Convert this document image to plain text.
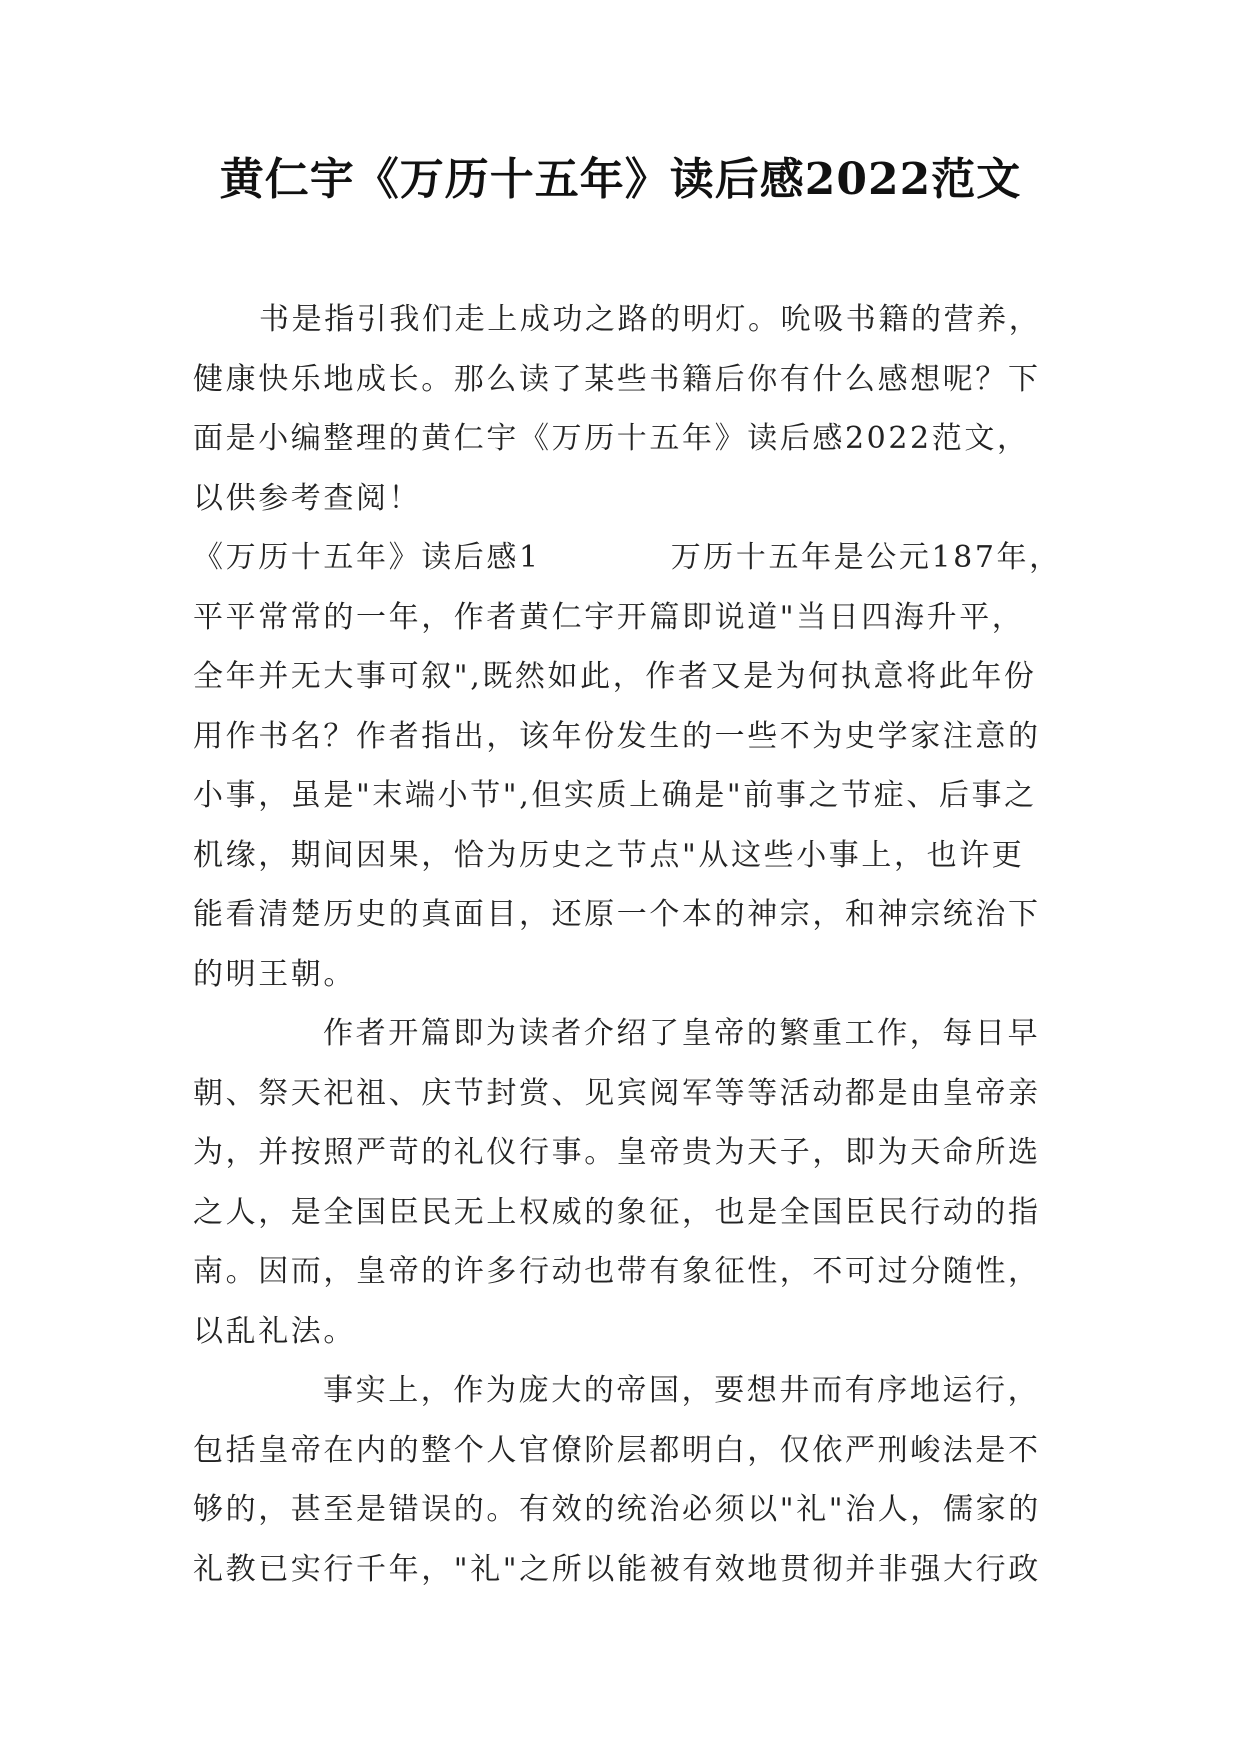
黄仁宇《万历十五年》读后感2022范文
书是指引我们走上成功之路的明灯。吮吸书籍的营养，
健康快乐地成长。那么读了某些书籍后你有什么感想呢？下
面是小编整理的黄仁宇《万历十五年》读后感2022范文，
以供参考查阅！
《万历十五年》读后感1	万历十五年是公元187年，
平平常常的一年，作者黄仁宇开篇即说道"当日四海升平，
全年并无大事可叙",既然如此，作者又是为何执意将此年份
用作书名？作者指出，该年份发生的一些不为史学家注意的
小事，虽是"末端小节",但实质上确是"前事之节症、后事之
机缘，期间因果，恰为历史之节点"从这些小事上，也许更
能看清楚历史的真面目，还原一个本的神宗，和神宗统治下
的明王朝。
作者开篇即为读者介绍了皇帝的繁重工作，每日早
朝、祭天祀祖、庆节封赏、见宾阅军等等活动都是由皇帝亲
为，并按照严苛的礼仪行事。皇帝贵为天子，即为天命所选
之人，是全国臣民无上权威的象征，也是全国臣民行动的指
南。因而，皇帝的许多行动也带有象征性，不可过分随性，
以乱礼法。
事实上，作为庞大的帝国，要想井而有序地运行，
包括皇帝在内的整个人官僚阶层都明白，仅依严刑峻法是不
够的，甚至是错误的。有效的统治必须以"礼"治人，儒家的
礼教已实行千年，"礼"之所以能被有效地贯彻并非强大行政
